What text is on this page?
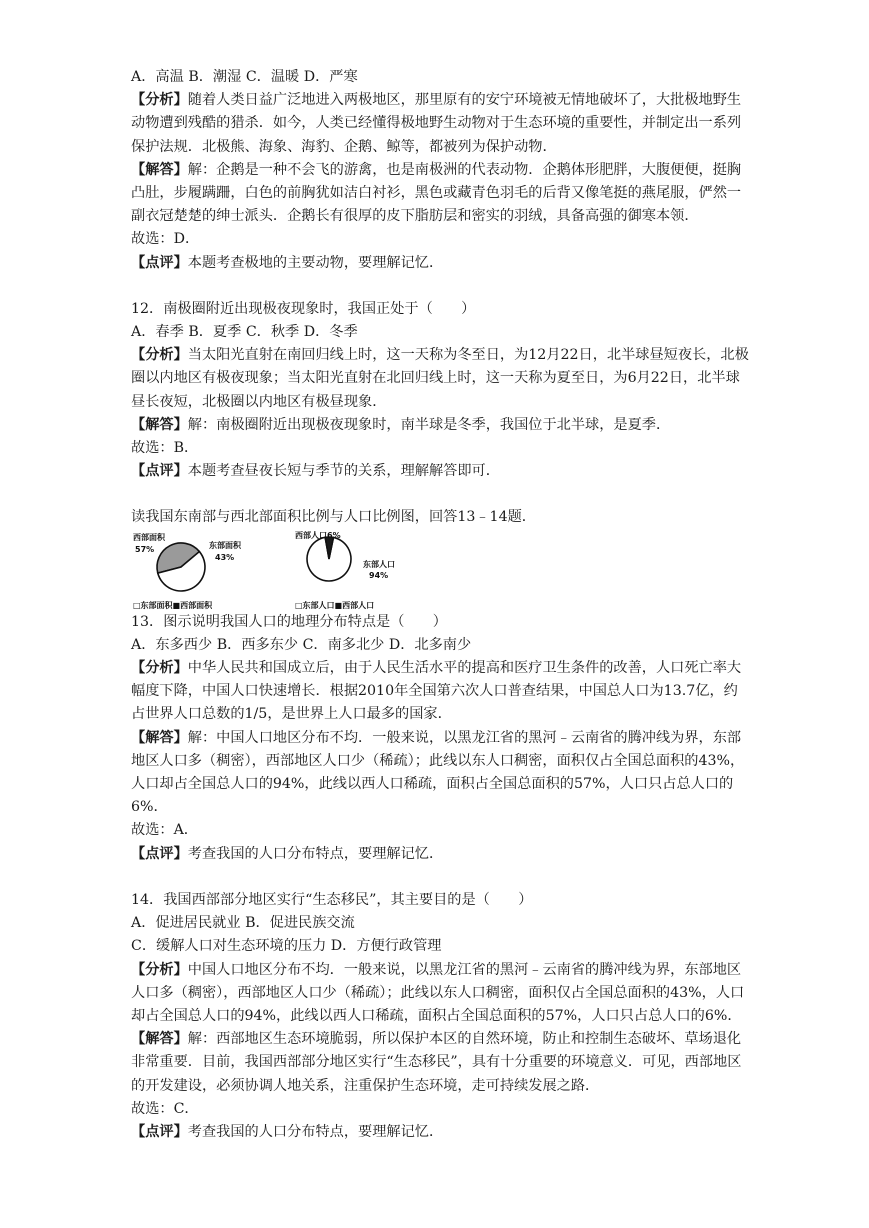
A．高温 B．潮湿 C．温暖 D．严寒

【分析】随着人类日益广泛地进入两极地区，那里原有的安宁环境被无情地破坏了，大批极地野生动物遭到残酷的猎杀．如今，人类已经懂得极地野生动物对于生态环境的重要性，并制定出一系列保护法规．北极熊、海象、海豹、企鹅、鲸等，都被列为保护动物．

【解答】解：企鹅是一种不会飞的游禽，也是南极洲的代表动物．企鹅体形肥胖，大腹便便，挺胸凸肚，步履蹒跚，白色的前胸犹如洁白衬衫，黑色或藏青色羽毛的后背又像笔挺的燕尾服，俨然一副衣冠楚楚的绅士派头．企鹅长有很厚的皮下脂肪层和密实的羽绒，具备高强的御寒本领．

故选：D．

【点评】本题考查极地的主要动物，要理解记忆．

12．南极圈附近出现极夜现象时，我国正处于（　　）

A．春季 B．夏季 C．秋季 D．冬季

【分析】当太阳光直射在南回归线上时，这一天称为冬至日，为12月22日，北半球昼短夜长，北极圈以内地区有极夜现象；当太阳光直射在北回归线上时，这一天称为夏至日，为6月22日，北半球昼长夜短，北极圈以内地区有极昼现象．

【解答】解：南极圈附近出现极夜现象时，南半球是冬季，我国位于北半球，是夏季．

故选：B．

【点评】本题考查昼夜长短与季节的关系，理解解答即可．

读我国东南部与西北部面积比例与人口比例图，回答13﹣14题．

西部面积
57%	东部面积
43%
□东部面积■西部面积
西部人口6%
东部人口
94%
□东部人口■西部人口

13．图示说明我国人口的地理分布特点是（　　）

A．东多西少 B．西多东少 C．南多北少 D．北多南少

【分析】中华人民共和国成立后，由于人民生活水平的提高和医疗卫生条件的改善，人口死亡率大幅度下降，中国人口快速增长．根据2010年全国第六次人口普查结果，中国总人口为13.7亿，约占世界人口总数的1/5，是世界上人口最多的国家．

【解答】解：中国人口地区分布不均．一般来说，以黑龙江省的黑河﹣云南省的腾冲线为界，东部地区人口多（稠密），西部地区人口少（稀疏）；此线以东人口稠密，面积仅占全国总面积的43%，人口却占全国总人口的94%，此线以西人口稀疏，面积占全国总面积的57%，人口只占总人口的6%．

故选：A．

【点评】考查我国的人口分布特点，要理解记忆．

14．我国西部部分地区实行“生态移民”，其主要目的是（　　）

A．促进居民就业 B．促进民族交流

C．缓解人口对生态环境的压力 D．方便行政管理

【分析】中国人口地区分布不均．一般来说，以黑龙江省的黑河﹣云南省的腾冲线为界，东部地区人口多（稠密），西部地区人口少（稀疏）；此线以东人口稠密，面积仅占全国总面积的43%，人口却占全国总人口的94%，此线以西人口稀疏，面积占全国总面积的57%，人口只占总人口的6%．

【解答】解：西部地区生态环境脆弱，所以保护本区的自然环境，防止和控制生态破坏、草场退化非常重要．目前，我国西部部分地区实行“生态移民”，具有十分重要的环境意义．可见，西部地区的开发建设，必须协调人地关系，注重保护生态环境，走可持续发展之路．

故选：C．

【点评】考查我国的人口分布特点，要理解记忆．
